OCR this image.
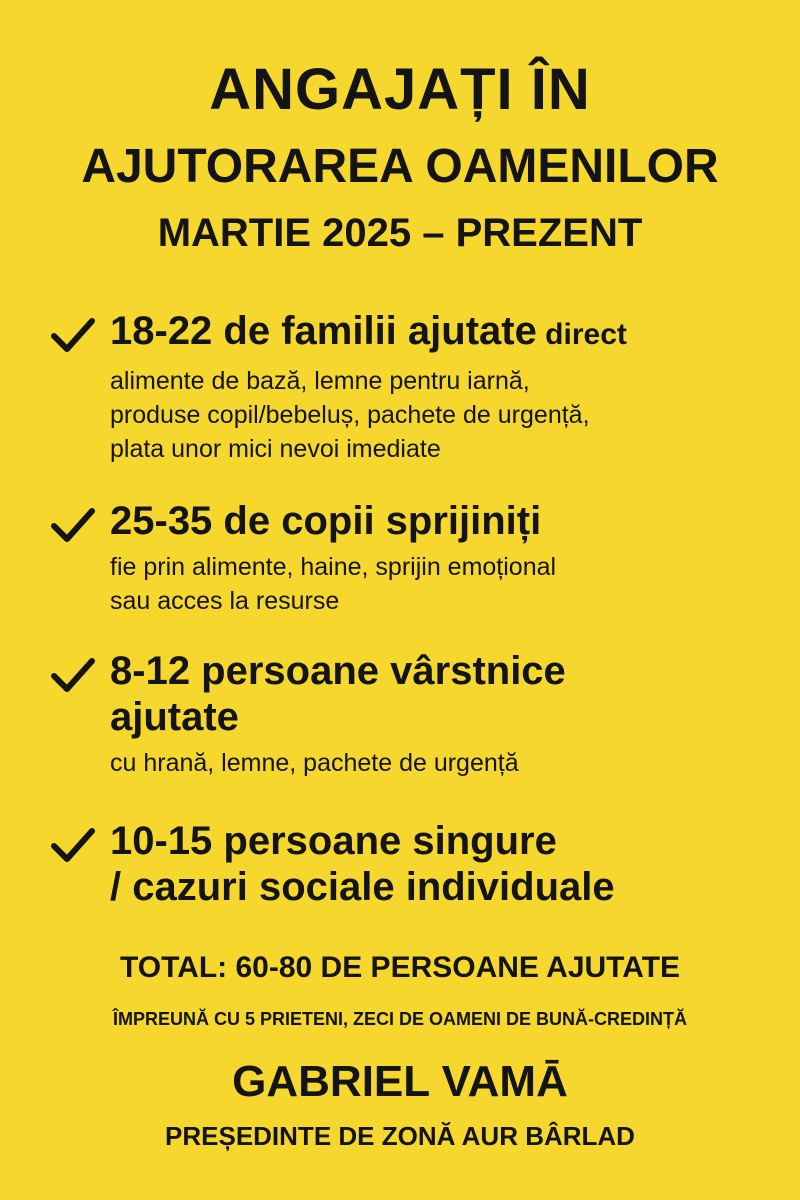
ANGAJAȚI ÎN
AJUTORAREA OAMENILOR
MARTIE 2025 – PREZENT
18-22 de familii ajutate direct
alimente de bază, lemne pentru iarnă,
produse copil/bebeluș, pachete de urgență,
plata unor mici nevoi imediate
25-35 de copii sprijiniți
fie prin alimente, haine, sprijin emoțional
sau acces la resurse
8-12 persoane vârstnice
ajutate
cu hrană, lemne, pachete de urgență
10-15 persoane singure
/ cazuri sociale individuale
TOTAL: 60-80 DE PERSOANE AJUTATE
ÎMPREUNĂ CU 5 PRIETENI, ZECI DE OAMENI DE BUNĂ-CREDINȚĂ
GABRIEL VAMĀ
PREȘEDINTE DE ZONĂ AUR BÂRLAD
